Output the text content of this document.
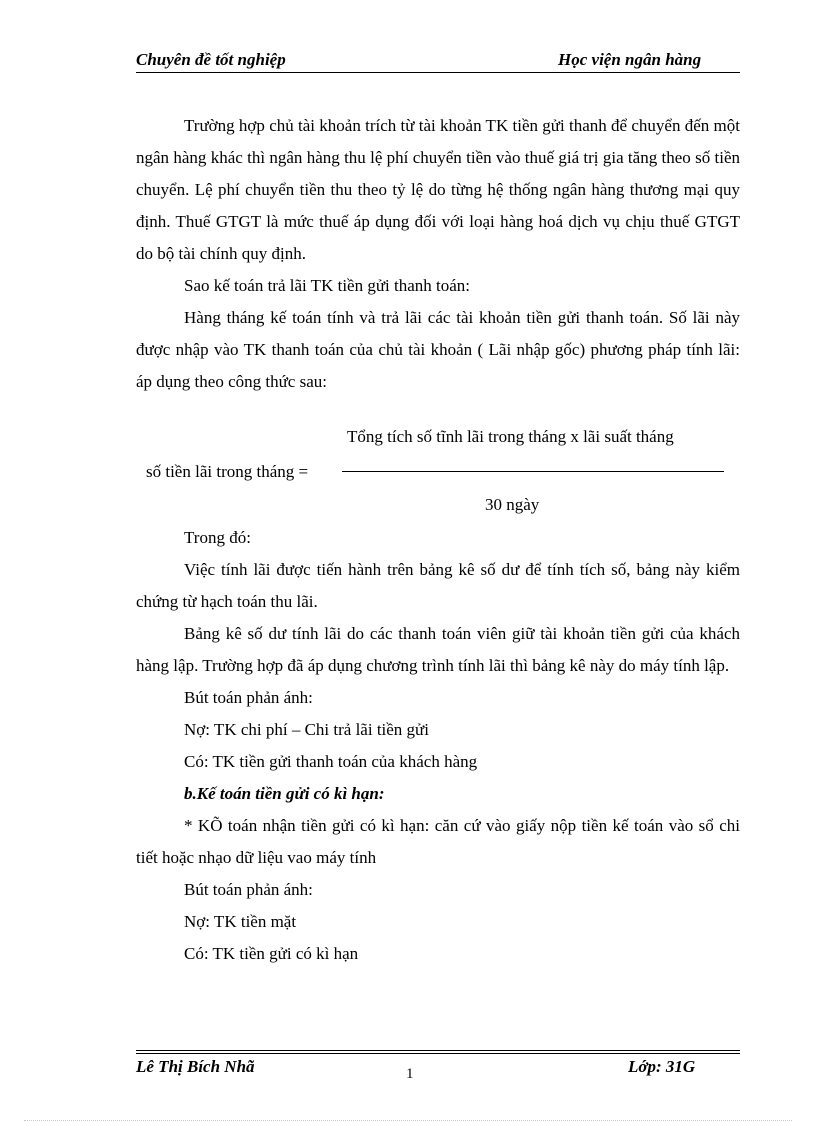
Chuyên đề tốt nghiệp	Học viện ngân hàng

Trường hợp chủ tài khoản trích từ tài khoản TK tiền gửi thanh để chuyển đến một ngân hàng khác thì ngân hàng thu lệ phí chuyển tiền vào thuế giá trị gia tăng theo số tiền chuyển. Lệ phí chuyển tiền thu theo tỷ lệ do từng hệ thống ngân hàng thương mại quy định. Thuế GTGT là mức thuế áp dụng đối với loại hàng hoá dịch vụ chịu thuế GTGT do bộ tài chính quy định.

Sao kế toán trả lãi TK tiền gửi thanh toán:

Hàng tháng kế toán tính và trả lãi các tài khoản tiền gửi thanh toán. Số lãi này được nhập vào TK thanh toán của chủ tài khoản ( Lãi nhập gốc) phương pháp tính lãi: áp dụng theo công thức sau:

Tổng tích số tĩnh lãi trong tháng x lãi suất tháng
số tiền lãi trong tháng =
30 ngày

Trong đó:

Việc tính lãi được tiến hành trên bảng kê số dư để tính tích số, bảng này kiểm chứng từ hạch toán thu lãi.

Bảng kê số dư tính lãi do các thanh toán viên giữ tài khoản tiền gửi của khách hàng lập. Trường hợp đã áp dụng chương trình tính lãi thì bảng kê này do máy tính lập.

Bút toán phản ánh:

Nợ: TK chi phí – Chi trả lãi tiền gửi

Có: TK tiền gửi thanh toán của khách hàng

b.Kế toán tiền gửi có kì hạn:

* KÕ toán nhận tiền gửi có kì hạn: căn cứ vào giấy nộp tiền kế toán vào sổ chi tiết hoặc nhạo dữ liệu vao máy tính

Bút toán phản ánh:

Nợ: TK tiền mặt

Có: TK tiền gửi có kì hạn

Lê Thị Bích Nhã	1	Lớp: 31G
